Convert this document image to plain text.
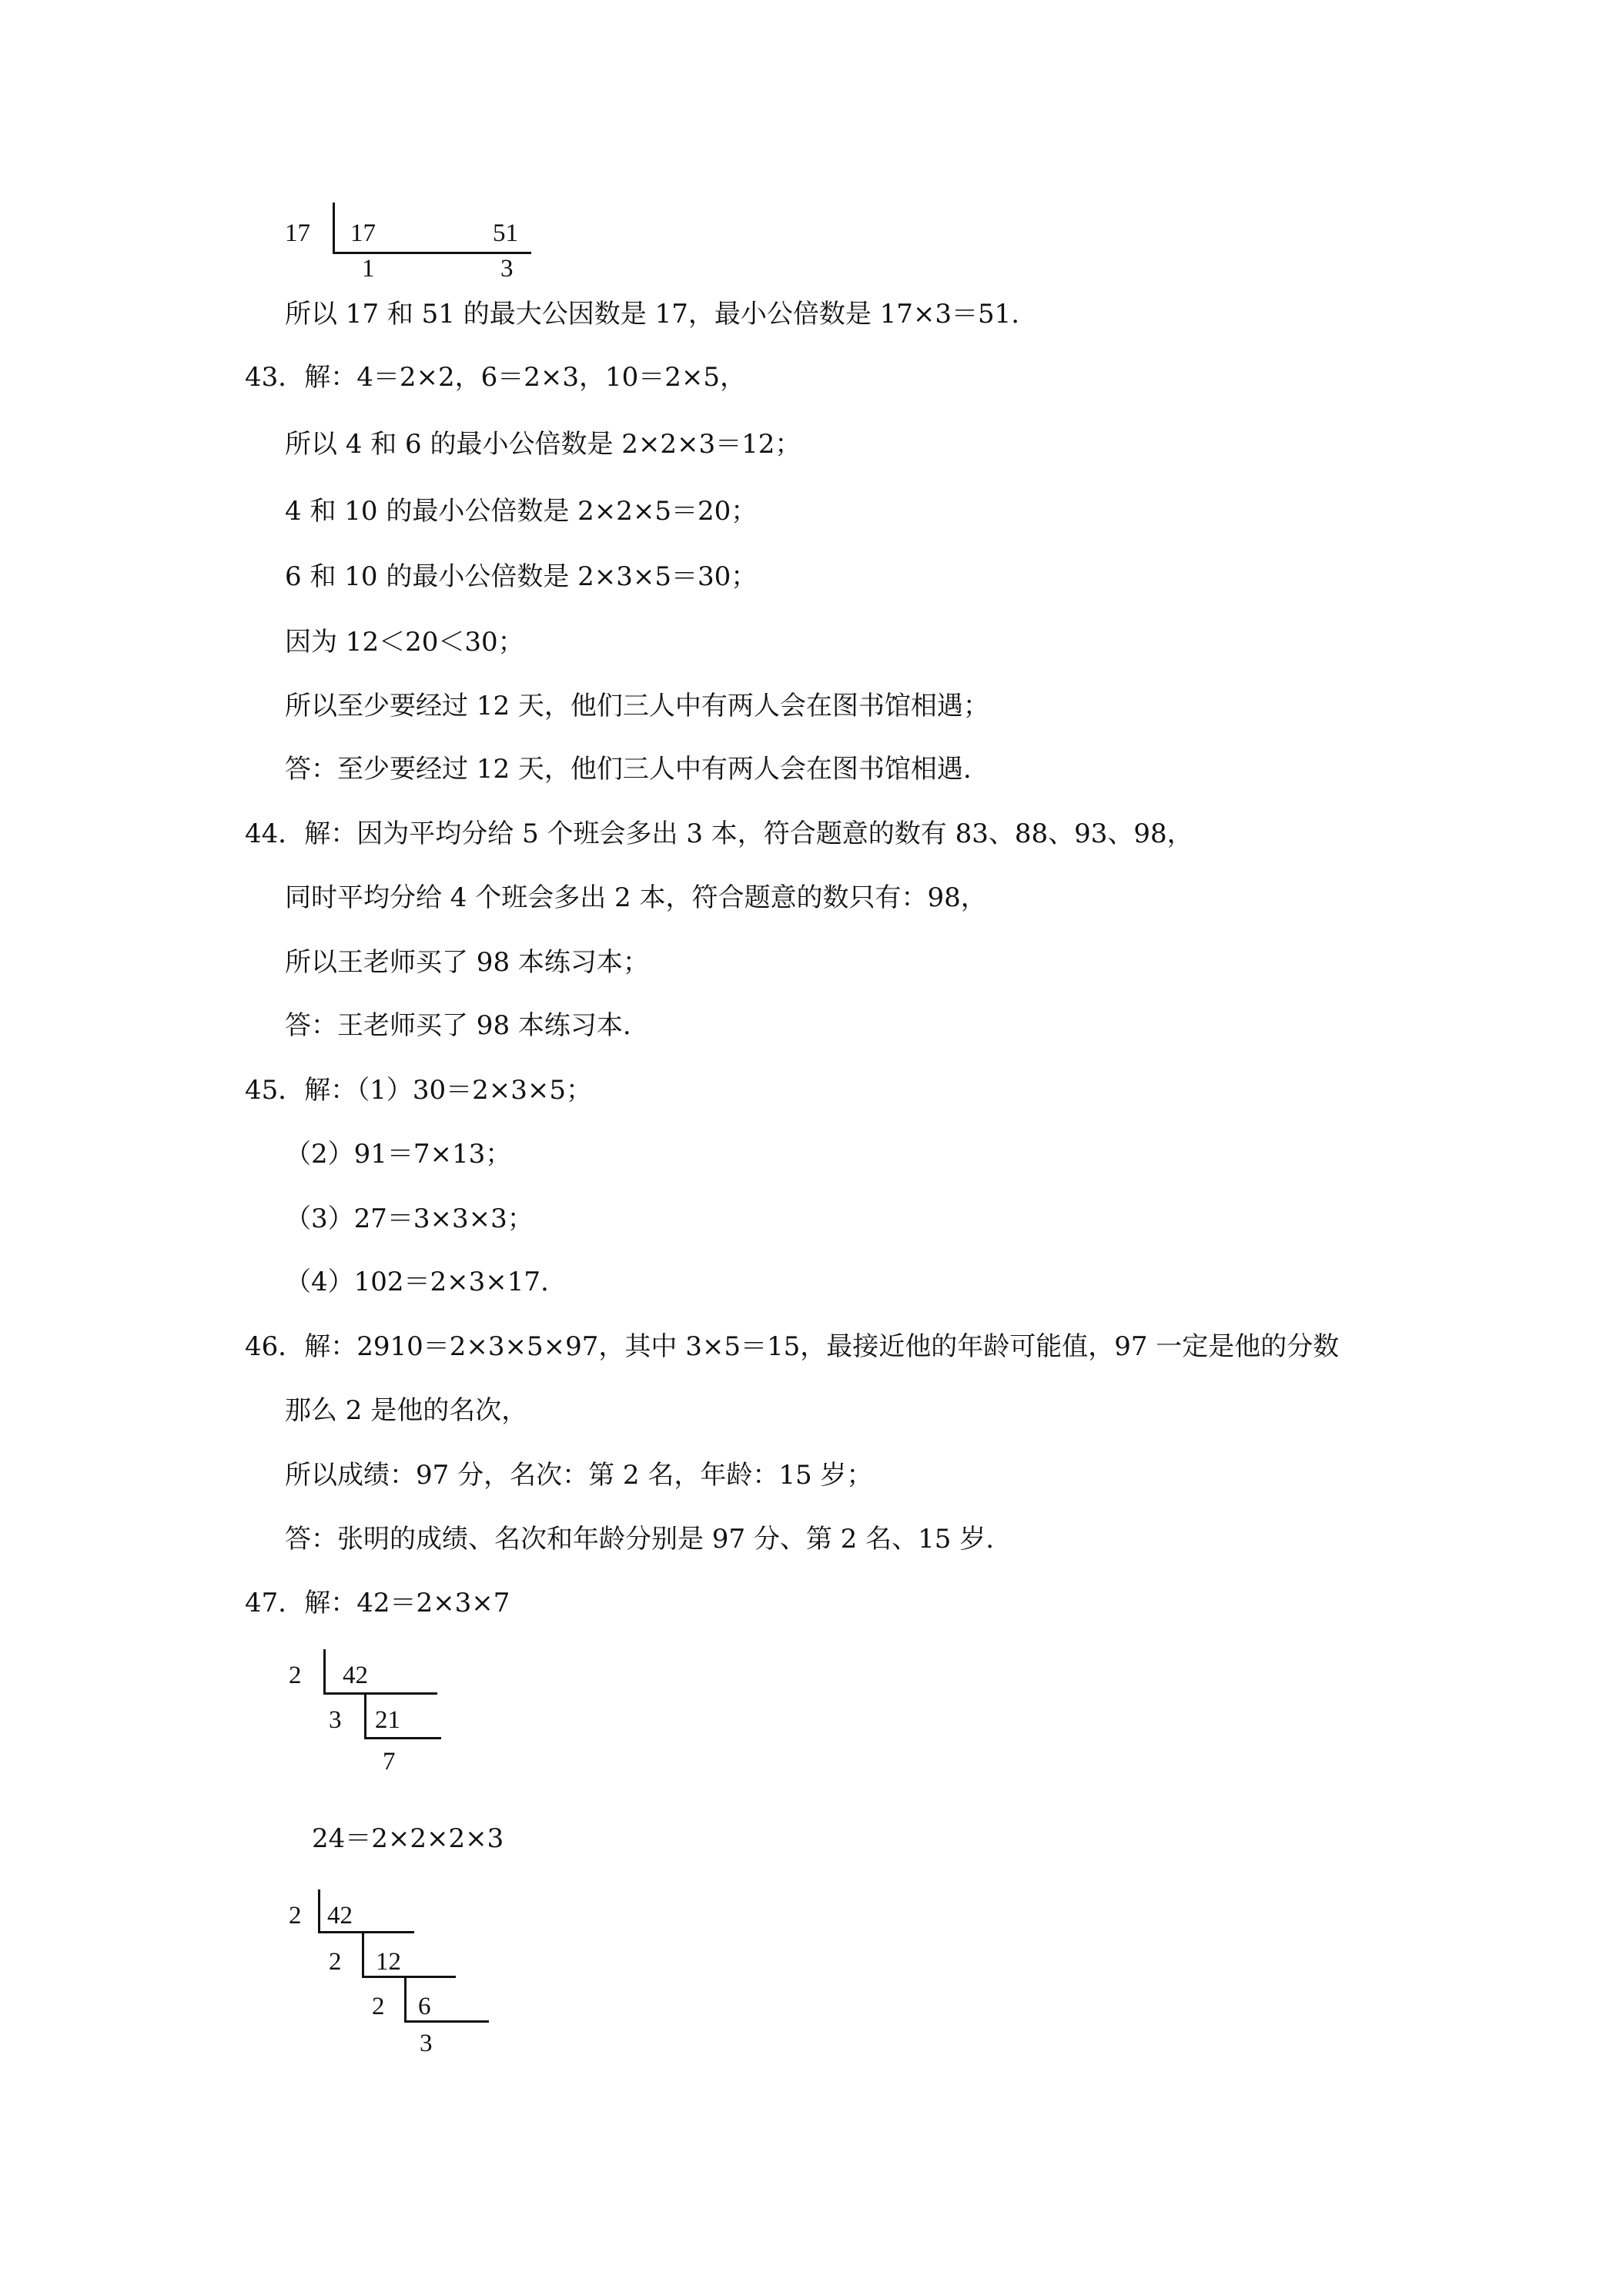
17 17	51
1	3
所以 17 和 51 的最大公因数是 17，最小公倍数是 17×3＝51.
43．解：4＝2×2，6＝2×3，10＝2×5，
所以 4 和 6 的最小公倍数是 2×2×3＝12；
4 和 10 的最小公倍数是 2×2×5＝20；
6 和 10 的最小公倍数是 2×3×5＝30；
因为 12＜20＜30；
所以至少要经过 12 天，他们三人中有两人会在图书馆相遇；
答：至少要经过 12 天，他们三人中有两人会在图书馆相遇.
44．解：因为平均分给 5 个班会多出 3 本，符合题意的数有 83、88、93、98，
同时平均分给 4 个班会多出 2 本，符合题意的数只有：98，
所以王老师买了 98 本练习本；
答：王老师买了 98 本练习本.
45．解：（1）30＝2×3×5；
（2）91＝7×13；
（3）27＝3×3×3；
（4）102＝2×3×17.
46．解：2910＝2×3×5×97，其中 3×5＝15，最接近他的年龄可能值，97 一定是他的分数
那么 2 是他的名次，
所以成绩：97 分，名次：第 2 名，年龄：15 岁；
答：张明的成绩、名次和年龄分别是 97 分、第 2 名、15 岁.
47．解：42＝2×3×7
2 42
3 21
7
24＝2×2×2×3
2 42
2 12
2 6
3
